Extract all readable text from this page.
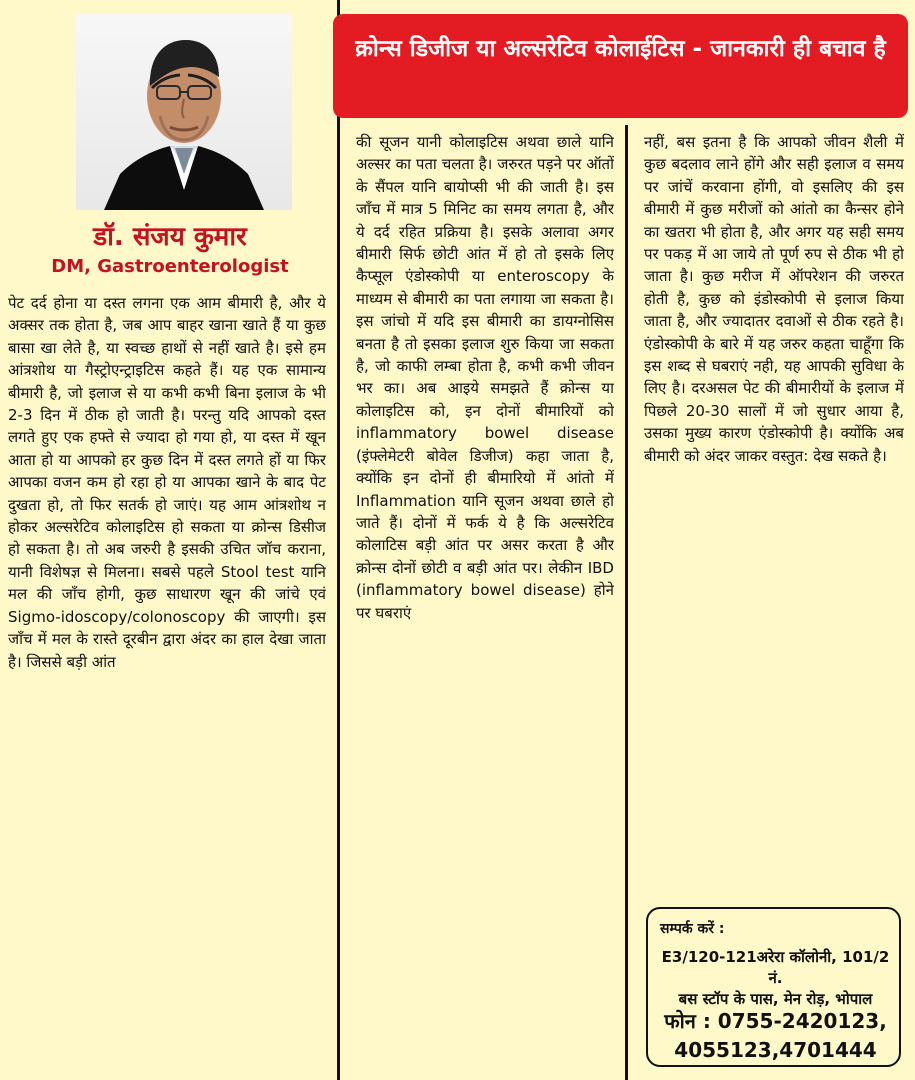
डॉ. संजय कुमार
DM, Gastroenterologist
पेट दर्द होना या दस्त लगना एक आम बीमारी है, और ये अक्सर तक होता है, जब आप बाहर खाना खाते हैं या कुछ बासा खा लेते है, या स्वच्छ हाथों से नहीं खाते है। इसे हम आंत्रशोथ या गैस्ट्रोएन्ट्राइटिस कहते हैं। यह एक सामान्य बीमारी है, जो इलाज से या कभी कभी बिना इलाज के भी 2-3 दिन में ठीक हो जाती है। परन्तु यदि आपको दस्त लगते हुए एक हफ्ते से ज्यादा हो गया हो, या दस्त में खून आता हो या आपको हर कुछ दिन में दस्त लगते हों या फिर आपका वजन कम हो रहा हो या आपका खाने के बाद पेट दुखता हो, तो फिर सतर्क हो जाएं। यह आम आंत्रशोथ न होकर अल्सरेटिव कोलाइटिस हो सकता या क्रोन्स डिसीज हो सकता है। तो अब जरुरी है इसकी उचित जॉच कराना, यानी विशेषज्ञ से मिलना। सबसे पहले Stool test यानि मल की जाँच होगी, कुछ साधारण खून की जांचे एवं Sigmo-idoscopy/colonoscopy की जाएगी। इस जाँच में मल के रास्ते दूरबीन द्वारा अंदर का हाल देखा जाता है। जिससे बड़ी आंत
क्रोन्स डिजीज या अल्सरेटिव कोलाईटिस - जानकारी ही बचाव है
की सूजन यानी कोलाइटिस अथवा छाले यानि अल्सर का पता चलता है। जरुरत पड़ने पर ऑतों के सैंपल यानि बायोप्सी भी की जाती है। इस जाँच में मात्र 5 मिनिट का समय लगता है, और ये दर्द रहित प्रक्रिया है। इसके अलावा अगर बीमारी सिर्फ छोटी आंत में हो तो इसके लिए कैप्सूल एंडोस्कोपी या enteroscopy के माध्यम से बीमारी का पता लगाया जा सकता है। इस जांचो में यदि इस बीमारी का डायग्नोसिस बनता है तो इसका इलाज शुरु किया जा सकता है, जो काफी लम्बा होता है, कभी कभी जीवन भर का। अब आइये समझते हैं क्रोन्स या कोलाइटिस को, इन दोनों बीमारियों को inflammatory bowel disease (इंफ्लेमेटरी बोवेल डिजीज) कहा जाता है, क्योंकि इन दोनों ही बीमारियो में आंतो में Inflammation यानि सूजन अथवा छाले हो जाते हैं। दोनों में फर्क ये है कि अल्सरेटिव कोलाटिस बड़ी आंत पर असर करता है और क्रोन्स दोनों छोटी व बड़ी आंत पर। लेकीन IBD (inflammatory bowel disease) होने पर घबराएं
नहीं, बस इतना है कि आपको जीवन शैली में कुछ बदलाव लाने होंगे और सही इलाज व समय पर जांचें करवाना होंगी, वो इसलिए की इस बीमारी में कुछ मरीजों को आंतो का कैन्सर होने का खतरा भी होता है, और अगर यह सही समय पर पकड़ में आ जाये तो पूर्ण रुप से ठीक भी हो जाता है। कुछ मरीज में ऑपरेशन की जरुरत होती है, कुछ को इंडोस्कोपी से इलाज किया जाता है, और ज्यादातर दवाओं से ठीक रहते है। एंडोस्कोपी के बारे में यह जरुर कहता चाहूँगा कि इस शब्द से घबराएं नही, यह आपकी सुविधा के लिए है। दरअसल पेट की बीमारीयों के इलाज में पिछले 20-30 सालों में जो सुधार आया है, उसका मुख्य कारण एंडोस्कोपी है। क्योंकि अब बीमारी को अंदर जाकर वस्तुत: देख सकते है।
सम्पर्क करें :
E3/120-121अरेरा कॉलोनी, 101/2 नं.
बस स्टॉप के पास, मेन रोड़, भोपाल
फोन : 0755-2420123,
4055123,4701444
